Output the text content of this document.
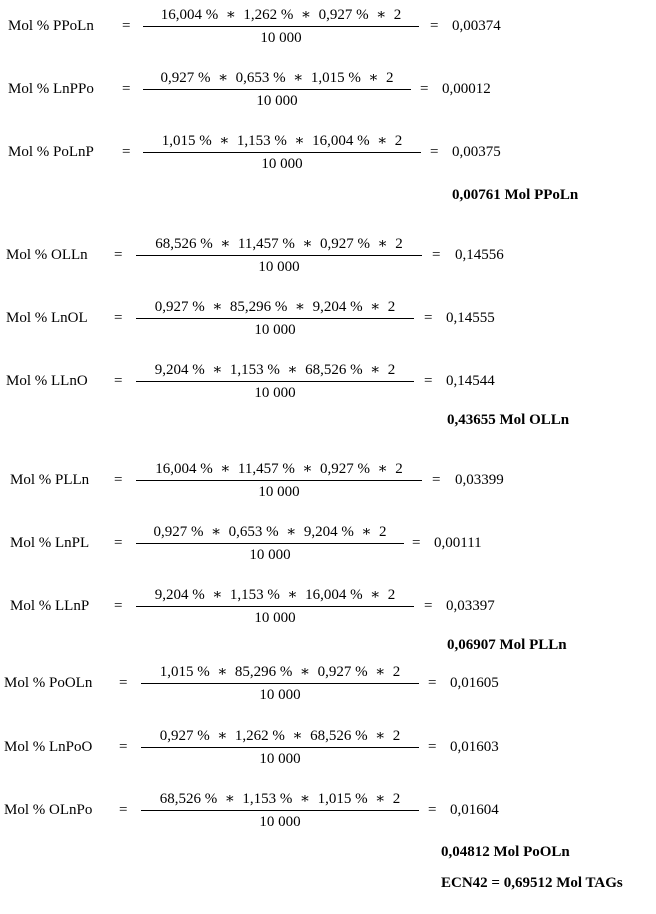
Mol % PPoLn =
16,004 %  ∗  1,262 %  ∗  0,927 %  ∗  2
10 000
= 0,00374
Mol % LnPPo =
0,927 %  ∗  0,653 %  ∗  1,015 %  ∗  2
10 000
= 0,00012
Mol % PoLnP =
1,015 %  ∗  1,153 %  ∗  16,004 %  ∗  2
10 000
= 0,00375
0,00761 Mol PPoLn
Mol % OLLn =
68,526 %  ∗  11,457 %  ∗  0,927 %  ∗  2
10 000
= 0,14556
Mol % LnOL =
0,927 %  ∗  85,296 %  ∗  9,204 %  ∗  2
10 000
= 0,14555
Mol % LLnO =
9,204 %  ∗  1,153 %  ∗  68,526 %  ∗  2
10 000
= 0,14544
0,43655 Mol OLLn
Mol % PLLn =
16,004 %  ∗  11,457 %  ∗  0,927 %  ∗  2
10 000
= 0,03399
Mol % LnPL =
0,927 %  ∗  0,653 %  ∗  9,204 %  ∗  2
10 000
= 0,00111
Mol % LLnP =
9,204 %  ∗  1,153 %  ∗  16,004 %  ∗  2
10 000
= 0,03397
0,06907 Mol PLLn
Mol % PoOLn =
1,015 %  ∗  85,296 %  ∗  0,927 %  ∗  2
10 000
= 0,01605
Mol % LnPoO =
0,927 %  ∗  1,262 %  ∗  68,526 %  ∗  2
10 000
= 0,01603
Mol % OLnPo =
68,526 %  ∗  1,153 %  ∗  1,015 %  ∗  2
10 000
= 0,01604
0,04812 Mol PoOLn
ECN42 = 0,69512 Mol TAGs
